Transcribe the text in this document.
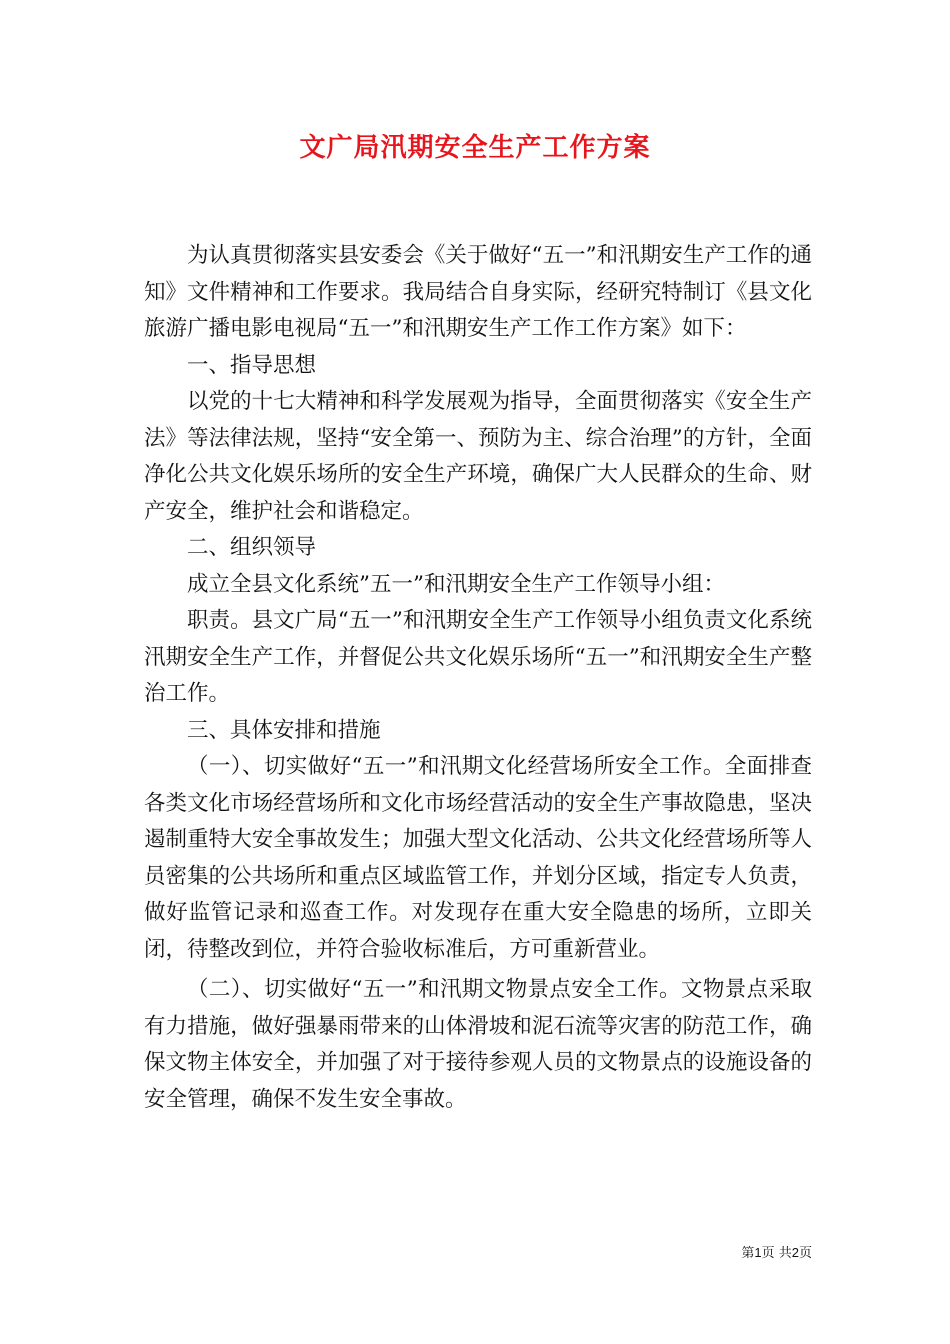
文广局汛期安全生产工作方案

为认真贯彻落实县安委会《关于做好“五一”和汛期安生产工作的通知》文件精神和工作要求。我局结合自身实际，经研究特制订《县文化旅游广播电影电视局“五一”和汛期安生产工作工作方案》如下：

一、指导思想

以党的十七大精神和科学发展观为指导，全面贯彻落实《安全生产法》等法律法规，坚持“安全第一、预防为主、综合治理”的方针，全面净化公共文化娱乐场所的安全生产环境，确保广大人民群众的生命、财产安全，维护社会和谐稳定。

二、组织领导

成立全县文化系统”五一”和汛期安全生产工作领导小组：

职责。县文广局“五一”和汛期安全生产工作领导小组负责文化系统汛期安全生产工作，并督促公共文化娱乐场所“五一”和汛期安全生产整治工作。

三、具体安排和措施

（一）、切实做好“五一”和汛期文化经营场所安全工作。全面排查各类文化市场经营场所和文化市场经营活动的安全生产事故隐患，坚决遏制重特大安全事故发生；加强大型文化活动、公共文化经营场所等人员密集的公共场所和重点区域监管工作，并划分区域，指定专人负责，做好监管记录和巡查工作。对发现存在重大安全隐患的场所，立即关闭，待整改到位，并符合验收标准后，方可重新营业。

（二）、切实做好“五一”和汛期文物景点安全工作。文物景点采取有力措施，做好强暴雨带来的山体滑坡和泥石流等灾害的防范工作，确保文物主体安全，并加强了对于接待参观人员的文物景点的设施设备的安全管理，确保不发生安全事故。

第1页 共2页
